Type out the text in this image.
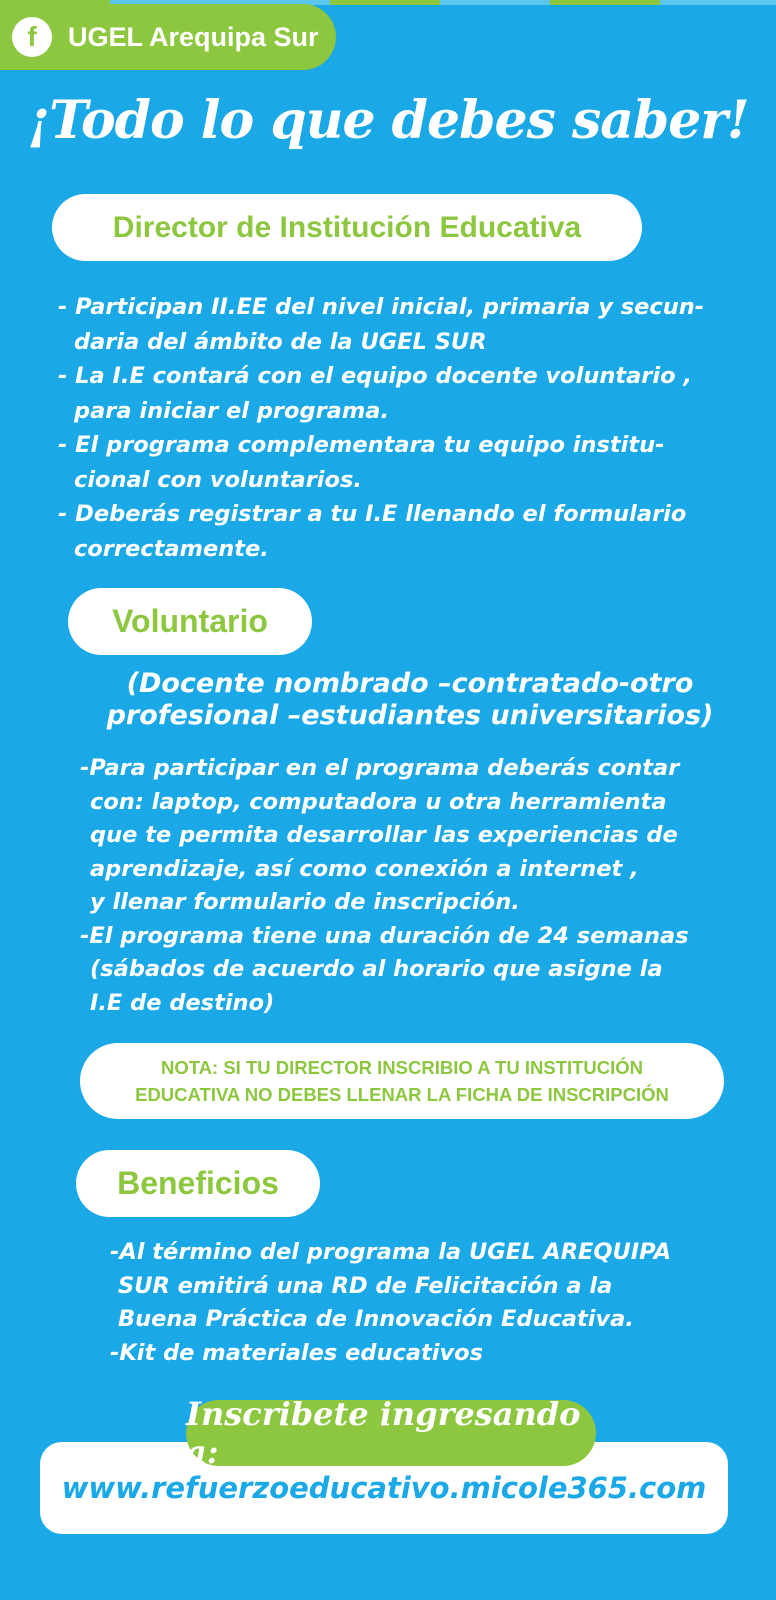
f	UGEL Arequipa Sur
¡Todo lo que debes saber!
Director de Institución Educativa

- Participan II.EE del nivel inicial, primaria y secun-

daria del ámbito de la UGEL SUR

- La I.E contará con el equipo docente voluntario ,

para iniciar el programa.

- El programa complementara tu equipo institu-

cional con voluntarios.

- Deberás registrar a tu I.E llenando el formulario

correctamente.

Voluntario
(Docente nombrado –contratado-otro
profesional –estudiantes universitarios)

-Para participar en el programa deberás contar

con: laptop, computadora u otra herramienta

que te permita desarrollar las experiencias de

aprendizaje, así como conexión a internet ,

y llenar formulario de inscripción.

-El programa tiene una duración de 24 semanas

(sábados de acuerdo al horario que asigne la

I.E de destino)

NOTA: SI TU DIRECTOR INSCRIBIO A TU INSTITUCIÓN
EDUCATIVA NO DEBES LLENAR LA FICHA DE INSCRIPCIÓN
Beneficios

-Al término del programa la UGEL AREQUIPA

SUR emitirá una RD de Felicitación a la

Buena Práctica de Innovación Educativa.

-Kit de materiales educativos

www.refuerzoeducativo.micole365.com
Inscribete ingresando a:
